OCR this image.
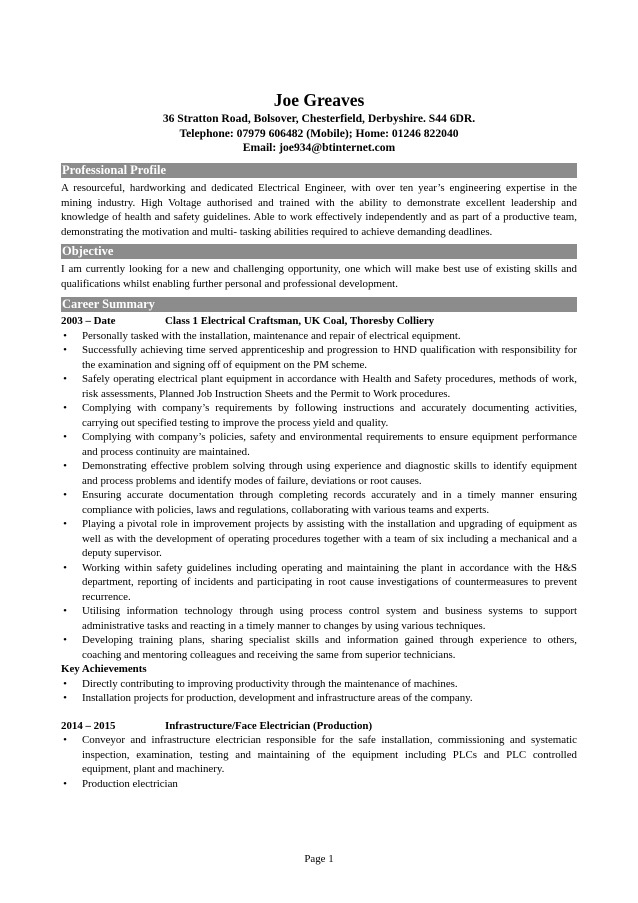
Joe Greaves
36 Stratton Road, Bolsover, Chesterfield, Derbyshire. S44 6DR.
Telephone: 07979 606482 (Mobile); Home: 01246 822040
Email: joe934@btinternet.com
Professional Profile

A resourceful, hardworking and dedicated Electrical Engineer, with over ten year’s engineering expertise in the mining industry. High Voltage authorised and trained with the ability to demonstrate excellent leadership and knowledge of health and safety guidelines. Able to work effectively independently and as part of a productive team, demonstrating the motivation and multi- tasking abilities required to achieve demanding deadlines.

Objective

I am currently looking for a new and challenging opportunity, one which will make best use of existing skills and qualifications whilst enabling further personal and professional development.

Career Summary
2003 – Date	Class 1 Electrical Craftsman, UK Coal, Thoresby Colliery
• Personally tasked with the installation, maintenance and repair of electrical equipment.
• Successfully achieving time served apprenticeship and progression to HND qualification with responsibility for the examination and signing off of equipment on the PM scheme.
• Safely operating electrical plant equipment in accordance with Health and Safety procedures, methods of work, risk assessments, Planned Job Instruction Sheets and the Permit to Work procedures.
• Complying with company’s requirements by following instructions and accurately documenting activities, carrying out specified testing to improve the process yield and quality.
• Complying with company’s policies, safety and environmental requirements to ensure equipment performance and process continuity are maintained.
• Demonstrating effective problem solving through using experience and diagnostic skills to identify equipment and process problems and identify modes of failure, deviations or root causes.
• Ensuring accurate documentation through completing records accurately and in a timely manner ensuring compliance with policies, laws and regulations, collaborating with various teams and experts.
• Playing a pivotal role in improvement projects by assisting with the installation and upgrading of equipment as well as with the development of operating procedures together with a team of six including a mechanical and a deputy supervisor.
• Working within safety guidelines including operating and maintaining the plant in accordance with the H&S department, reporting of incidents and participating in root cause investigations of countermeasures to prevent recurrence.
• Utilising information technology through using process control system and business systems to support administrative tasks and reacting in a timely manner to changes by using various techniques.
• Developing training plans, sharing specialist skills and information gained through experience to others, coaching and mentoring colleagues and receiving the same from superior technicians.
Key Achievements
• Directly contributing to improving productivity through the maintenance of machines.
• Installation projects for production, development and infrastructure areas of the company.
2014 – 2015	Infrastructure/Face Electrician (Production)
• Conveyor and infrastructure electrician responsible for the safe installation, commissioning and systematic inspection, examination, testing and maintaining of the equipment including PLCs and PLC controlled equipment, plant and machinery.
• Production electrician
Page 1
